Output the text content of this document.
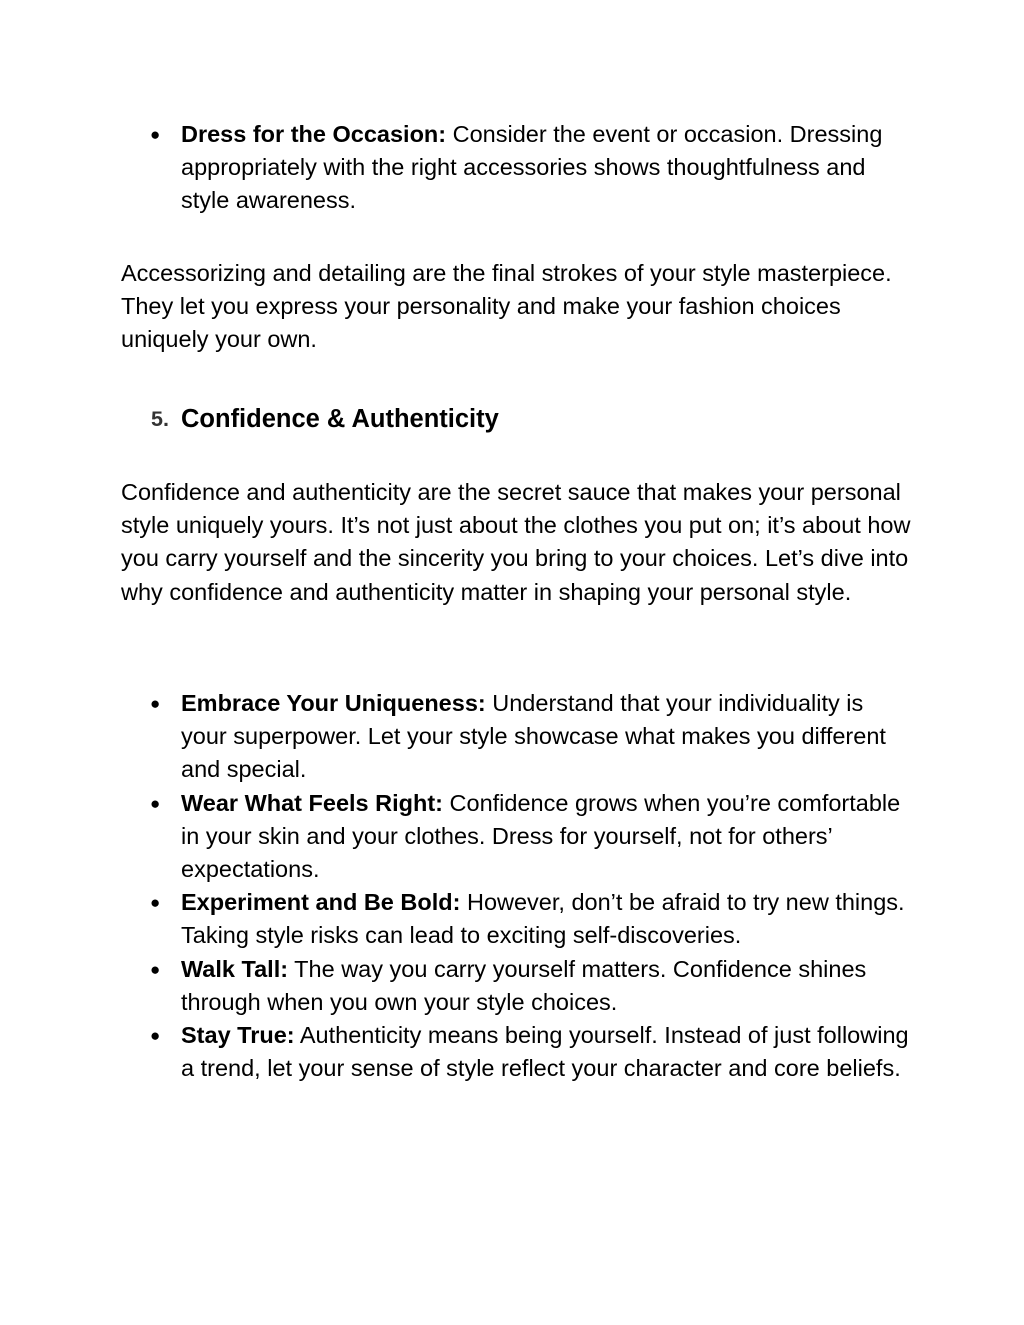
● Dress for the Occasion: Consider the event or occasion. Dressing appropriately with the right accessories shows thoughtfulness and style awareness.

Accessorizing and detailing are the final strokes of your style masterpiece. They let you express your personality and make your fashion choices uniquely your own.

5. Confidence & Authenticity

Confidence and authenticity are the secret sauce that makes your personal style uniquely yours. It’s not just about the clothes you put on; it’s about how you carry yourself and the sincerity you bring to your choices. Let’s dive into why confidence and authenticity matter in shaping your personal style.

● Embrace Your Uniqueness: Understand that your individuality is your superpower. Let your style showcase what makes you different and special.
● Wear What Feels Right: Confidence grows when you’re comfortable in your skin and your clothes. Dress for yourself, not for others’ expectations.
● Experiment and Be Bold: However, don’t be afraid to try new things. Taking style risks can lead to exciting self-discoveries.
● Walk Tall: The way you carry yourself matters. Confidence shines through when you own your style choices.
● Stay True: Authenticity means being yourself. Instead of just following a trend, let your sense of style reflect your character and core beliefs.
